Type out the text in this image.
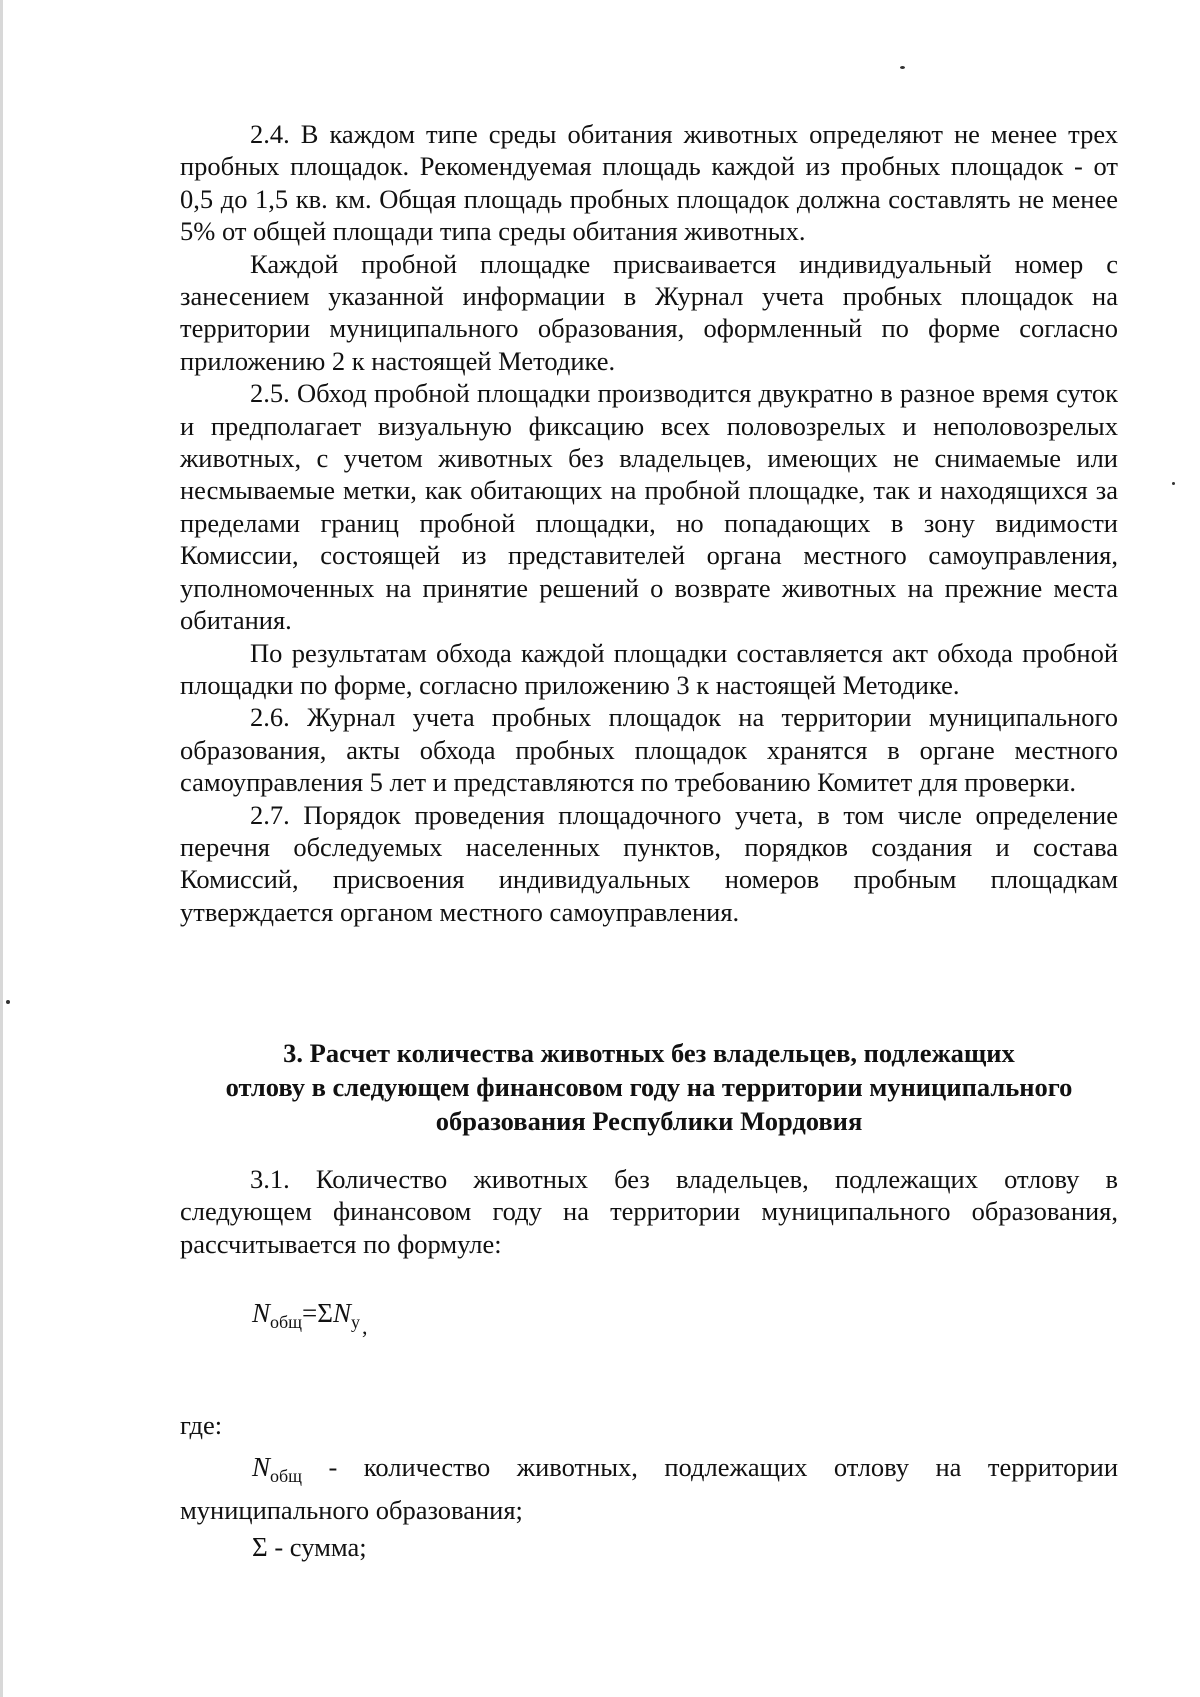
2.4. В каждом типе среды обитания животных определяют не менее трех пробных площадок. Рекомендуемая площадь каждой из пробных площадок - от 0,5 до 1,5 кв. км. Общая площадь пробных площадок должна составлять не менее 5% от общей площади типа среды обитания животных.

Каждой пробной площадке присваивается индивидуальный номер с занесением указанной информации в Журнал учета пробных площадок на территории муниципального образования, оформленный по форме согласно приложению 2 к настоящей Методике.

2.5. Обход пробной площадки производится двукратно в разное время суток и предполагает визуальную фиксацию всех половозрелых и неполовозрелых животных, с учетом животных без владельцев, имеющих не снимаемые или несмываемые метки, как обитающих на пробной площадке, так и находящихся за пределами границ пробной площадки, но попадающих в зону видимости Комиссии, состоящей из представителей органа местного самоуправления, уполномоченных на принятие решений о возврате животных на прежние места обитания.

По результатам обхода каждой площадки составляется акт обхода пробной площадки по форме, согласно приложению 3 к настоящей Методике.

2.6. Журнал учета пробных площадок на территории муниципального образования, акты обхода пробных площадок хранятся в органе местного самоуправления 5 лет и представляются по требованию Комитет для проверки.

2.7. Порядок проведения площадочного учета, в том числе определение перечня обследуемых населенных пунктов, порядков создания и состава Комиссий, присвоения индивидуальных номеров пробным площадкам утверждается органом местного самоуправления.

3. Расчет количества животных без владельцев, подлежащих
отлову в следующем финансовом году на территории муниципального
образования Республики Мордовия

3.1. Количество животных без владельцев, подлежащих отлову в следующем финансовом году на территории муниципального образования, рассчитывается по формуле:

$N_{общ}=\Sigma N_{у,}$
где:
$N_{общ}$ - количество животных, подлежащих отлову на территории муниципального образования;
Σ - сумма;
